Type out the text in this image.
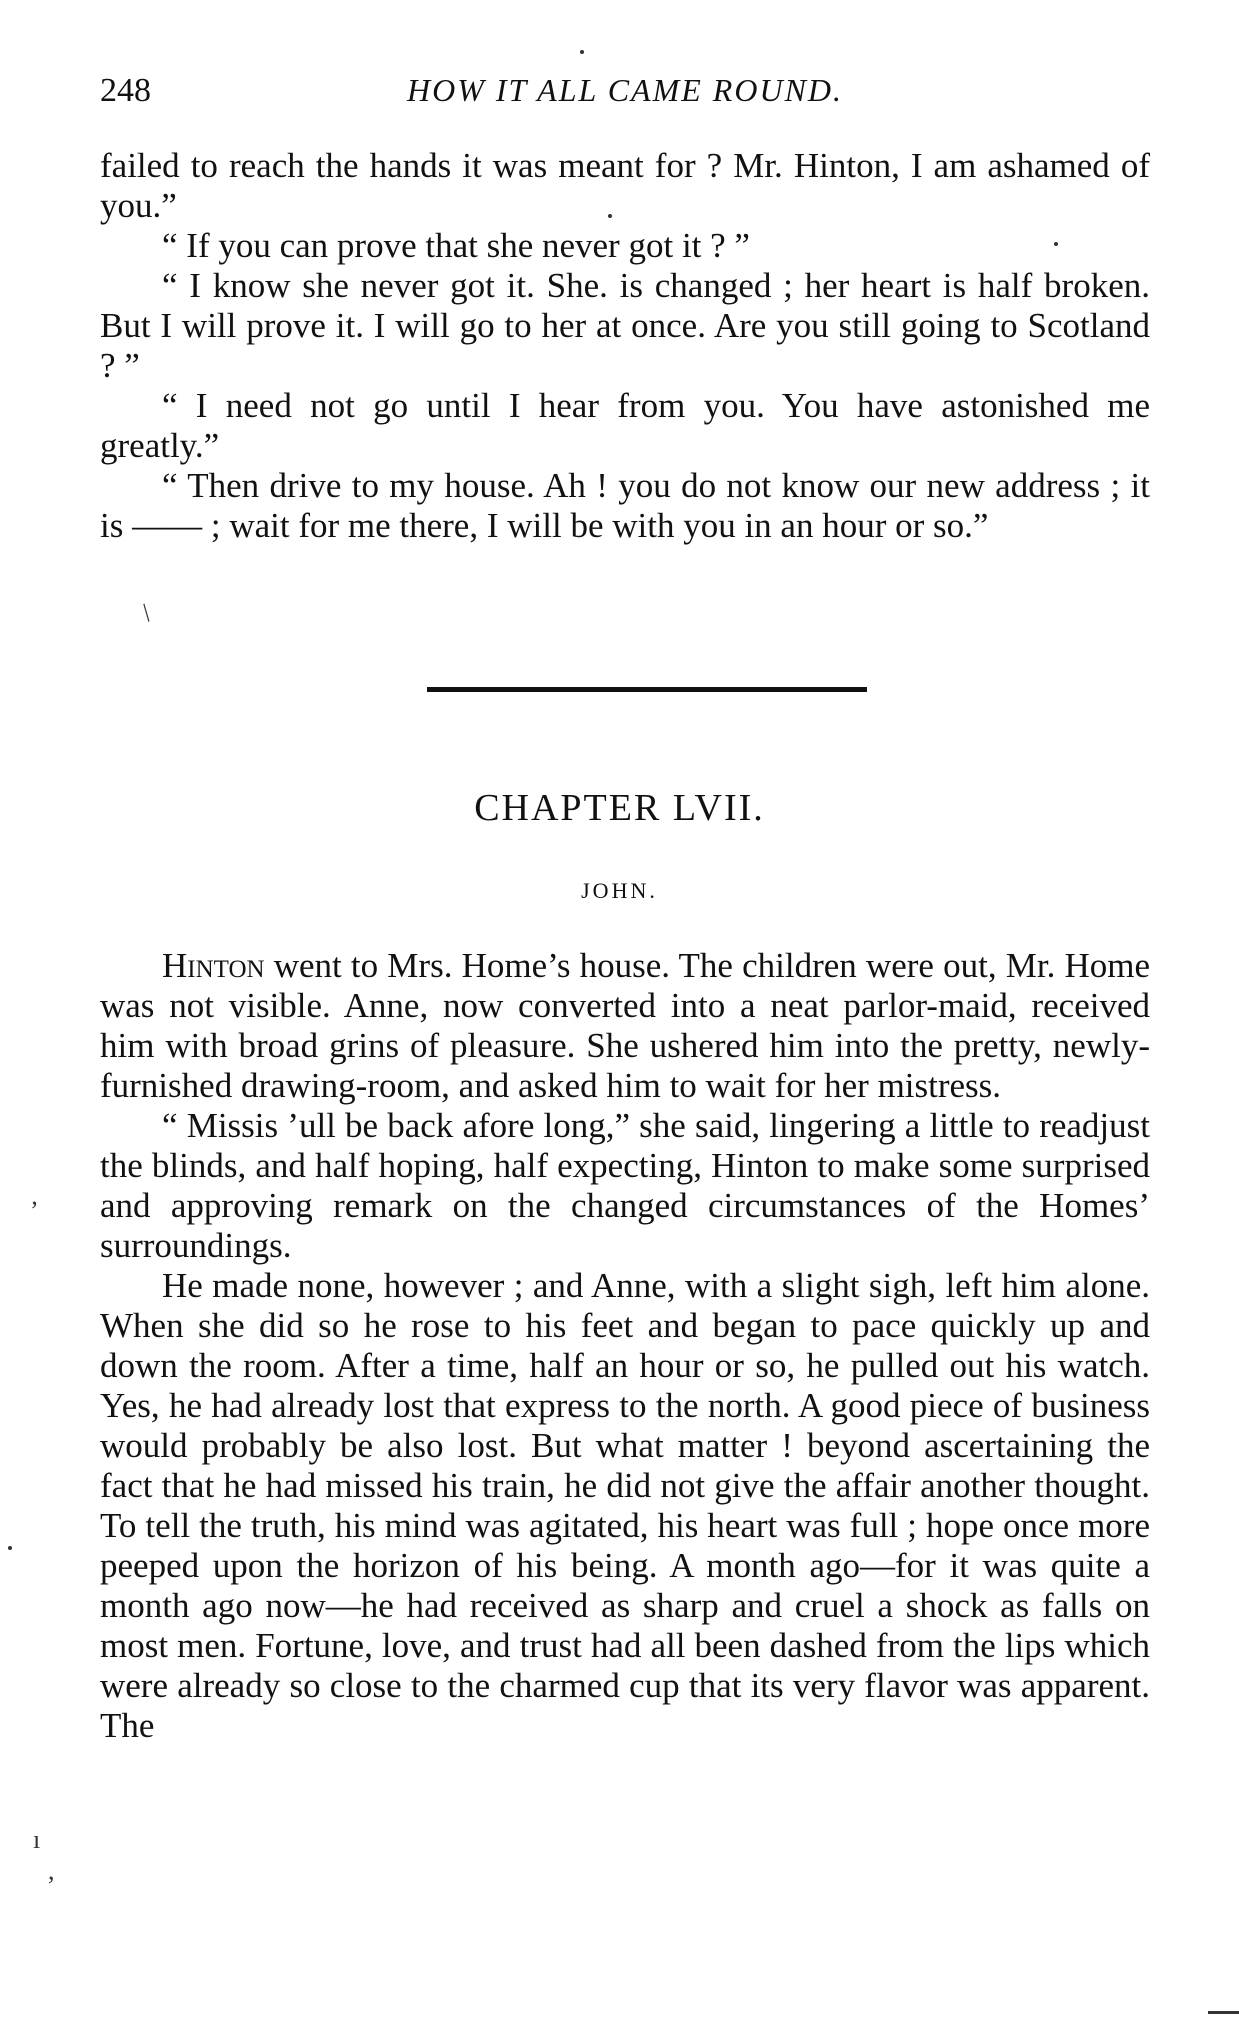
248	HOW IT ALL CAME ROUND.

failed to reach the hands it was meant for ? Mr. Hinton, I am ashamed of you.”

“ If you can prove that she never got it ? ”

“ I know she never got it. She. is changed ; her heart is half broken. But I will prove it. I will go to her at once. Are you still going to Scotland ? ”

“ I need not go until I hear from you. You have astonished me greatly.”

“ Then drive to my house. Ah ! you do not know our new address ; it is —— ; wait for me there, I will be with you in an hour or so.”

CHAPTER LVII.
JOHN.

Hinton went to Mrs. Home’s house. The children were out, Mr. Home was not visible. Anne, now converted into a neat parlor-maid, received him with broad grins of pleasure. She ushered him into the pretty, newly-furnished drawing-room, and asked him to wait for her mistress.

“ Missis ’ull be back afore long,” she said, lingering a little to readjust the blinds, and half hoping, half expecting, Hinton to make some surprised and approving remark on the changed circumstances of the Homes’ surroundings.

He made none, however ; and Anne, with a slight sigh, left him alone. When she did so he rose to his feet and began to pace quickly up and down the room. After a time, half an hour or so, he pulled out his watch. Yes, he had already lost that express to the north. A good piece of business would probably be also lost. But what matter ! beyond ascertaining the fact that he had missed his train, he did not give the affair another thought. To tell the truth, his mind was agitated, his heart was full ; hope once more peeped upon the horizon of his being. A month ago—for it was quite a month ago now—he had received as sharp and cruel a shock as falls on most men. Fortune, love, and trust had all been dashed from the lips which were already so close to the charmed cup that its very flavor was apparent. The

/
’
ı
,
